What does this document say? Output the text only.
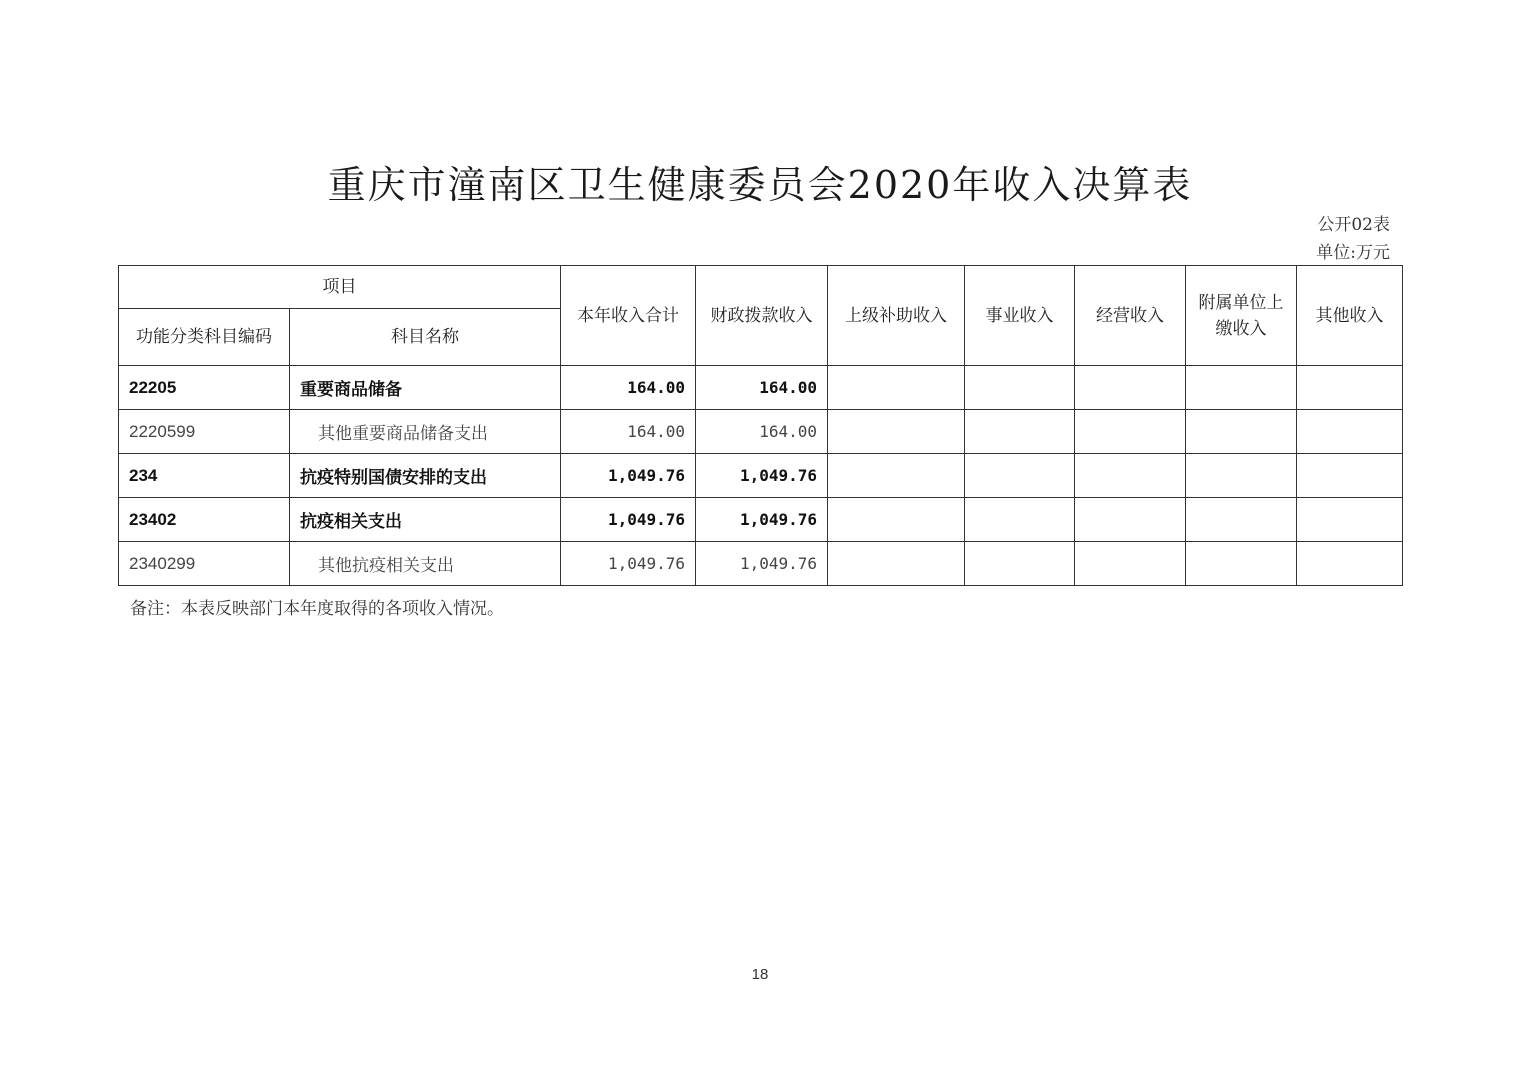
重庆市潼南区卫生健康委员会2020年收入决算表
公开02表
单位:万元
项目		本年收入合计	财政拨款收入	上级补助收入	事业收入	经营收入	附属单位上缴收入	其他收入
功能分类科目编码	科目名称							
22205	重要商品储备	164.00	164.00					
2220599	其他重要商品储备支出	164.00	164.00					
234	抗疫特别国债安排的支出	1,049.76	1,049.76					
23402	抗疫相关支出	1,049.76	1,049.76					
2340299	其他抗疫相关支出	1,049.76	1,049.76					
备注：本表反映部门本年度取得的各项收入情况。
18
